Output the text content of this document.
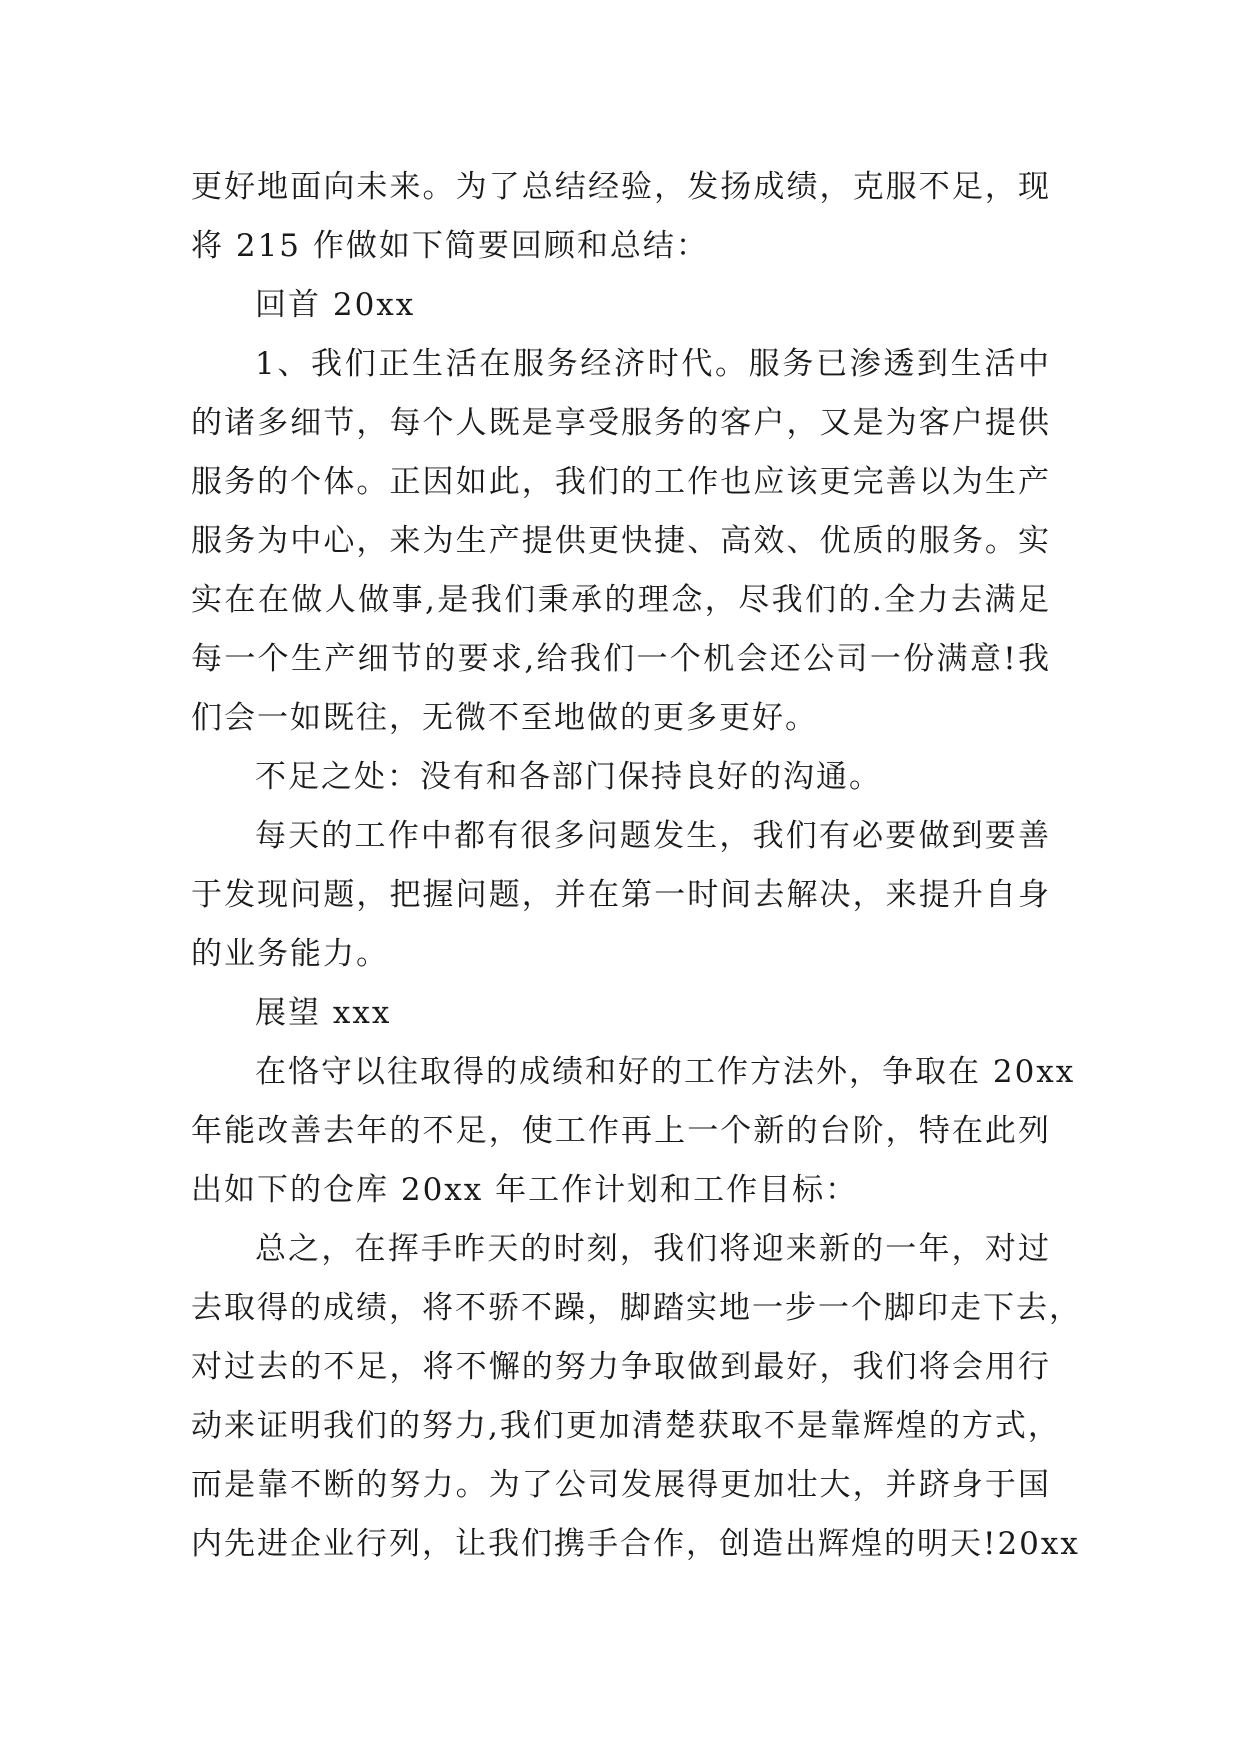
更好地面向未来。为了总结经验，发扬成绩，克服不足，现
将 215 作做如下简要回顾和总结：
回首 20xx
1、我们正生活在服务经济时代。服务已渗透到生活中
的诸多细节，每个人既是享受服务的客户，又是为客户提供
服务的个体。正因如此，我们的工作也应该更完善以为生产
服务为中心，来为生产提供更快捷、高效、优质的服务。实
实在在做人做事,是我们秉承的理念，尽我们的.全力去满足
每一个生产细节的要求,给我们一个机会还公司一份满意!我
们会一如既往，无微不至地做的更多更好。
不足之处：没有和各部门保持良好的沟通。
每天的工作中都有很多问题发生，我们有必要做到要善
于发现问题，把握问题，并在第一时间去解决，来提升自身
的业务能力。
展望 xxx
在恪守以往取得的成绩和好的工作方法外，争取在 20xx
年能改善去年的不足，使工作再上一个新的台阶，特在此列
出如下的仓库 20xx 年工作计划和工作目标：
总之，在挥手昨天的时刻，我们将迎来新的一年，对过
去取得的成绩，将不骄不躁，脚踏实地一步一个脚印走下去，
对过去的不足，将不懈的努力争取做到最好，我们将会用行
动来证明我们的努力,我们更加清楚获取不是靠辉煌的方式，
而是靠不断的努力。为了公司发展得更加壮大，并跻身于国
内先进企业行列，让我们携手合作，创造出辉煌的明天!20xx
